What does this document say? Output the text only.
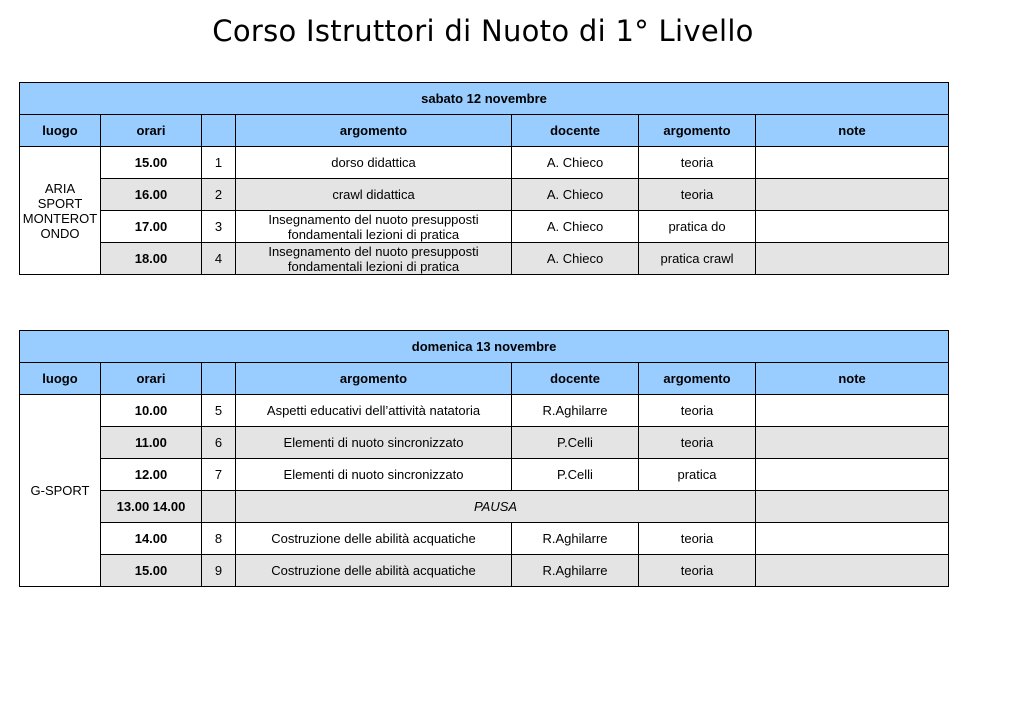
Corso Istruttori di Nuoto di 1° Livello
sabato 12 novembre						
luogo	orari		argomento	docente	argomento	note
ARIA SPORT MONTEROT ONDO	15.00	1	dorso didattica	A. Chieco	teoria	
	16.00	2	crawl didattica	A. Chieco	teoria	
	17.00	3	Insegnamento del nuoto presupposti fondamentali lezioni di pratica	A. Chieco	pratica do	
	18.00	4	Insegnamento del nuoto presupposti fondamentali lezioni di pratica	A. Chieco	pratica crawl	
domenica 13 novembre						
luogo	orari		argomento	docente	argomento	note
G-SPORT	10.00	5	Aspetti educativi dell’attività natatoria	R.Aghilarre	teoria	
	11.00	6	Elementi di nuoto sincronizzato	P.Celli	teoria	
	12.00	7	Elementi di nuoto sincronizzato	P.Celli	pratica	
	13.00 14.00		PAUSA			
	14.00	8	Costruzione delle abilità acquatiche	R.Aghilarre	teoria	
	15.00	9	Costruzione delle abilità acquatiche	R.Aghilarre	teoria	
